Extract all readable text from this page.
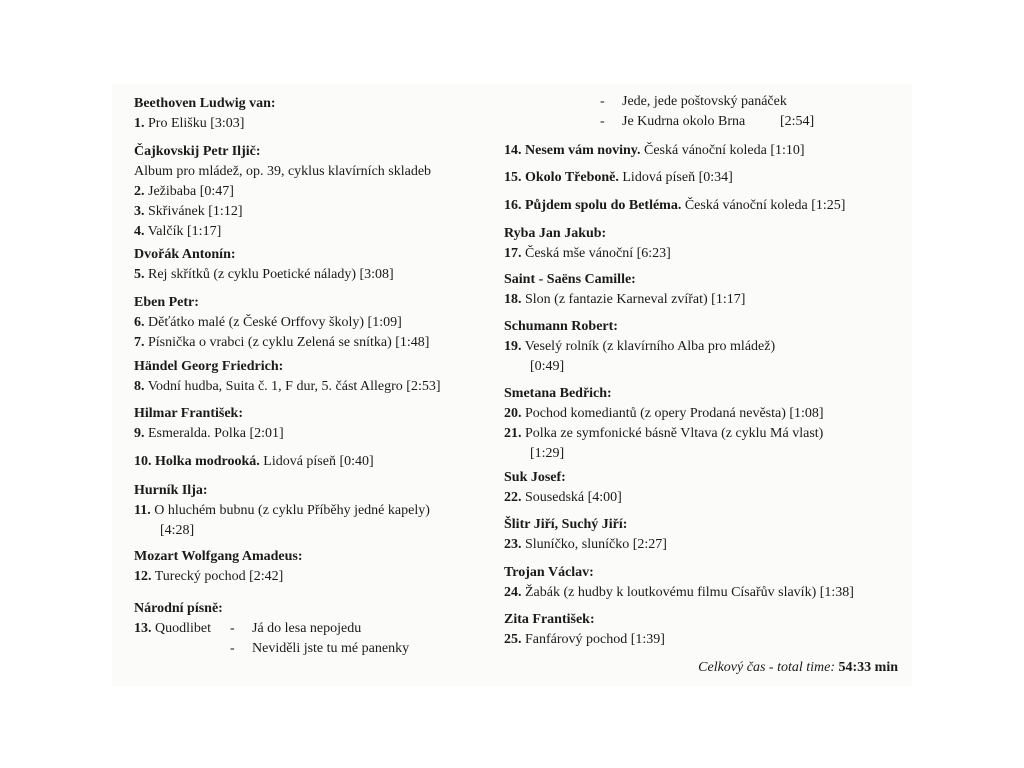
Beethoven Ludwig van:
1. Pro Elišku [3:03]
Čajkovskij Petr Iljič:
Album pro mládež, op. 39, cyklus klavírních skladeb
2. Ježibaba [0:47]
3. Skřivánek [1:12]
4. Valčík [1:17]
Dvořák Antonín:
5. Rej skřítků (z cyklu Poetické nálady) [3:08]
Eben Petr:
6. Děťátko malé (z České Orffovy školy) [1:09]
7. Písnička o vrabci (z cyklu Zelená se snítka) [1:48]
Händel Georg Friedrich:
8. Vodní hudba, Suita č. 1, F dur, 5. část Allegro [2:53]
Hilmar František:
9. Esmeralda. Polka [2:01]
10. Holka modrooká. Lidová píseň [0:40]
Hurník Ilja:
11. O hluchém bubnu (z cyklu Příběhy jedné kapely)
[4:28]
Mozart Wolfgang Amadeus:
12. Turecký pochod [2:42]
Národní písně:
13. Quodlibet - Já do lesa nepojedu
- Neviděli jste tu mé panenky
- Jede, jede poštovský panáček
- Je Kudrna okolo Brna [2:54]
14. Nesem vám noviny. Česká vánoční koleda [1:10]
15. Okolo Třeboně. Lidová píseň [0:34]
16. Půjdem spolu do Betléma. Česká vánoční koleda [1:25]
Ryba Jan Jakub:
17. Česká mše vánoční [6:23]
Saint - Saëns Camille:
18. Slon (z fantazie Karneval zvířat) [1:17]
Schumann Robert:
19. Veselý rolník (z klavírního Alba pro mládež)
[0:49]
Smetana Bedřich:
20. Pochod komediantů (z opery Prodaná nevěsta) [1:08]
21. Polka ze symfonické básně Vltava (z cyklu Má vlast)
[1:29]
Suk Josef:
22. Sousedská [4:00]
Šlitr Jiří, Suchý Jiří:
23. Sluníčko, sluníčko [2:27]
Trojan Václav:
24. Žabák (z hudby k loutkovému filmu Císařův slavík) [1:38]
Zita František:
25. Fanfárový pochod [1:39]
Celkový čas - total time: 54:33 min
